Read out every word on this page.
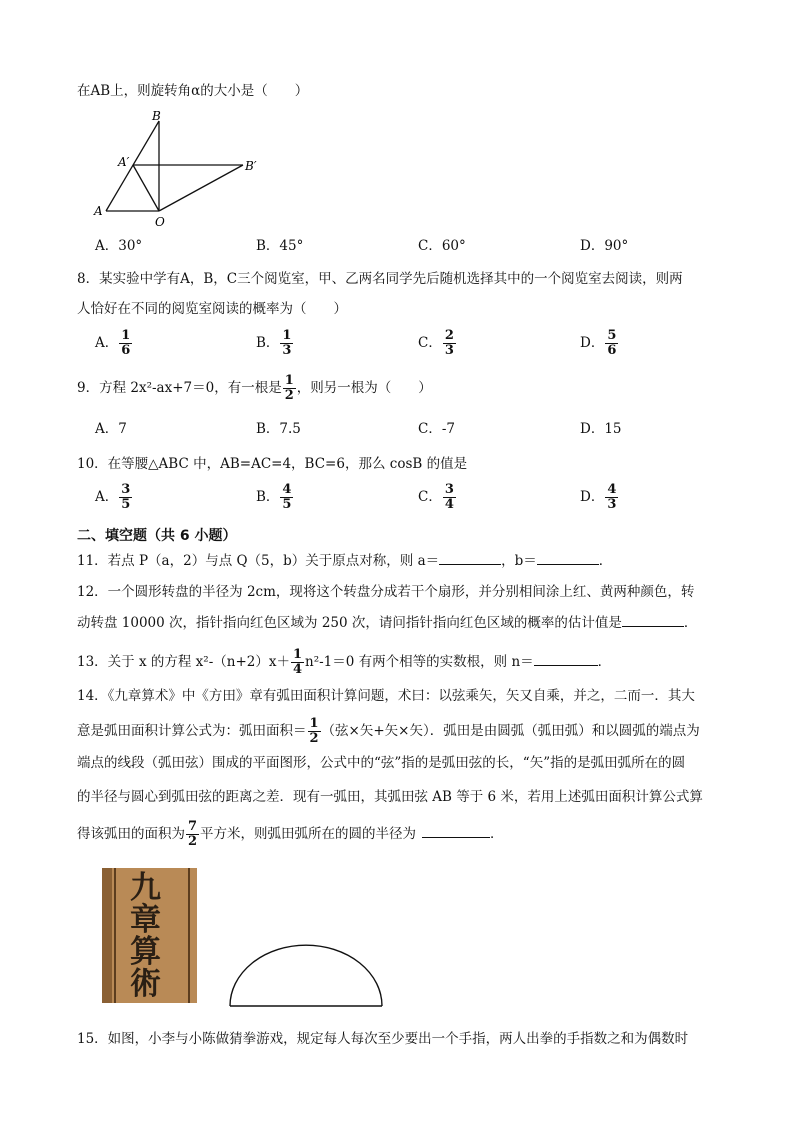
在AB上，则旋转角α的大小是（　　）
B
A′	B′
A
O
A．30°	B．45°	C．60°	D．90°
8．某实验中学有A，B，C三个阅览室，甲、乙两名同学先后随机选择其中的一个阅览室去阅读，则两
人恰好在不同的阅览室阅读的概率为（　　）
A． $\frac{1}{6}$	B． $\frac{1}{3}$	C． $\frac{2}{3}$	D． $\frac{5}{6}$
9．方程 2x²-ax+7＝0，有一根是 $\frac{1}{2}$ ，则另一根为（　　）
A．7	B．7.5	C．-7	D．15
10．在等腰△ABC 中，AB=AC=4，BC=6，那么 cosB 的值是
A． $\frac{3}{5}$	B． $\frac{4}{5}$	C． $\frac{3}{4}$	D． $\frac{4}{3}$
二、填空题（共 6 小题）
11．若点 P（a，2）与点 Q（5，b）关于原点对称，则 a＝	，b＝	．
12．一个圆形转盘的半径为 2cm，现将这个转盘分成若干个扇形，并分别相间涂上红、黄两种颜色，转
动转盘 10000 次，指针指向红色区域为 250 次，请问指针指向红色区域的概率的估计值是	．
13．关于 x 的方程 $x^2-(n+2)x+ \frac{1}{4} n^2-1=0$ 有两个相等的实数根，则 n＝	．
14．《九章算术》中《方田》章有弧田面积计算问题，术曰：以弦乘矢，矢又自乘，并之，二而一．其大
意是弧田面积计算公式为：弧田面积＝ $\frac{1}{2}$ （弦×矢+矢×矢）．弧田是由圆弧（弧田弧）和以圆弧的端点为
端点的线段（弧田弦）围成的平面图形，公式中的“弦”指的是弧田弦的长，“矢”指的是弧田弧所在的圆
的半径与圆心到弧田弦的距离之差．现有一弧田，其弧田弦 AB 等于 6 米，若用上述弧田面积计算公式算
得该弧田的面积为 $\frac{7}{2}$ 平方米，则弧田弧所在的圆的半径为	．
九章算術
15．如图，小李与小陈做猜拳游戏，规定每人每次至少要出一个手指，两人出拳的手指数之和为偶数时
